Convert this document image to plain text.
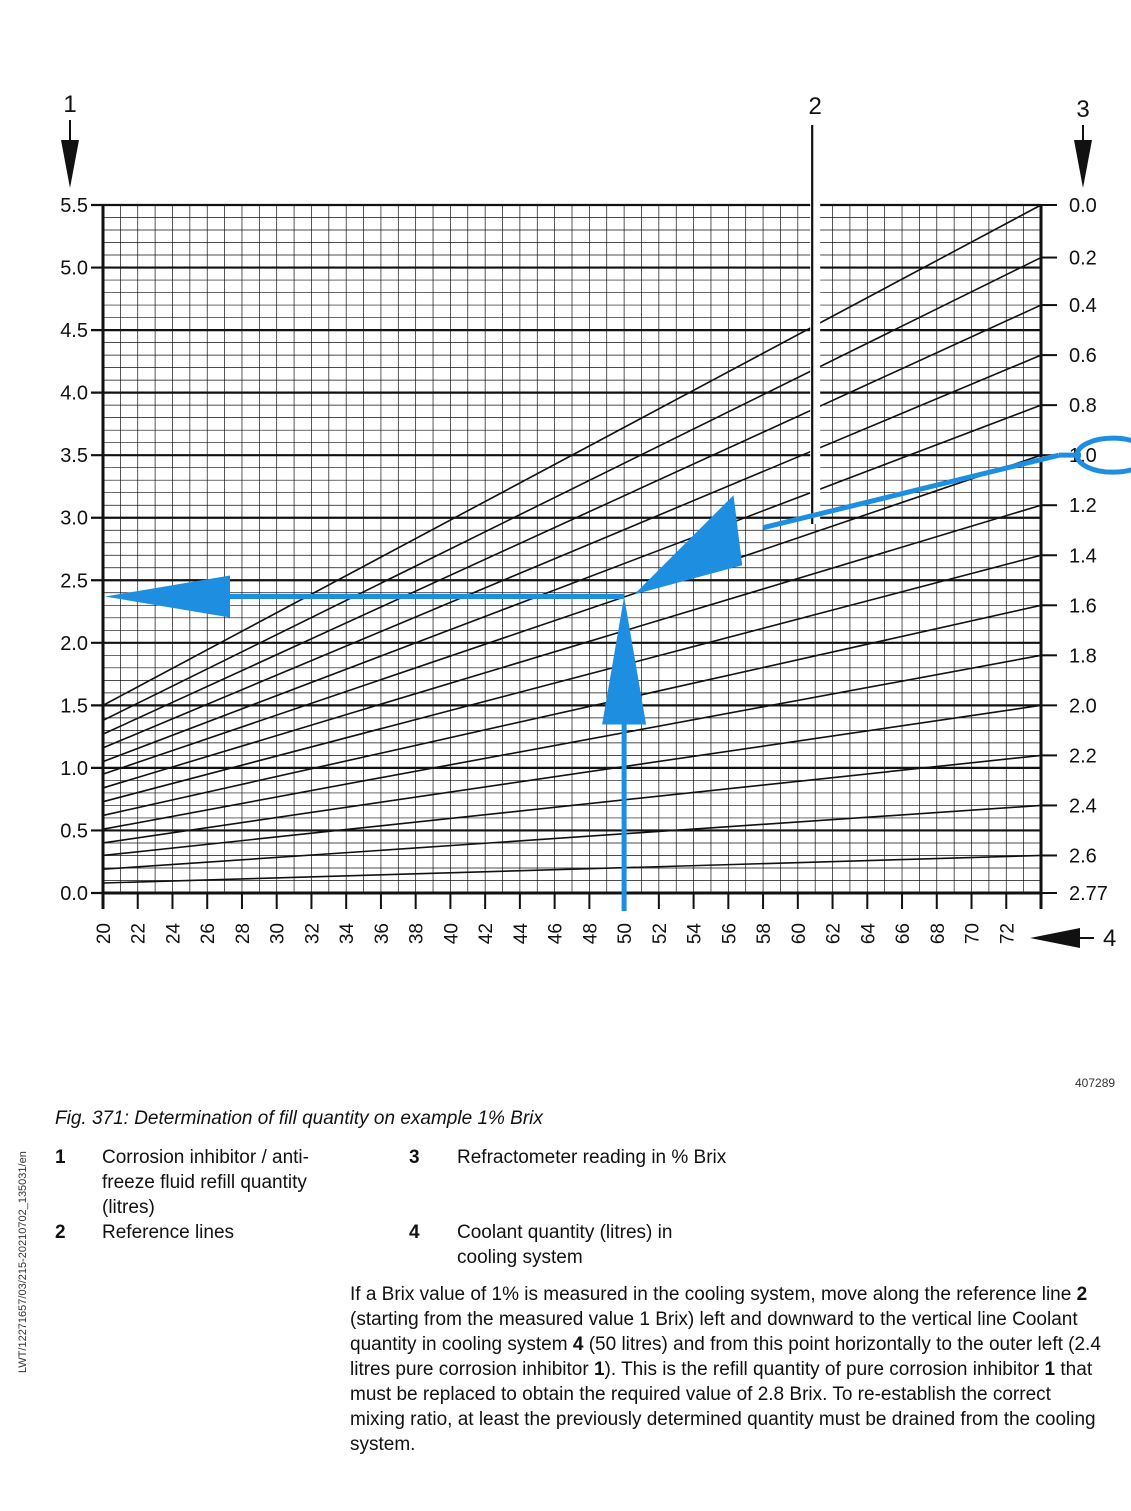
0.0
0.5
1.0
1.5
2.0
2.5
3.0
3.5
4.0
4.5
5.0
5.5
20 22 24 26 28 30 32 34 36 38 40 42 44 46 48 50 52 54 56 58 60 62 64 66 68 70 72
0.0
0.2
0.4
0.6
0.8
1.0
1.2
1.4
1.6
1.8
2.0
2.2
2.4
2.6
2.77
1	2	3
4
407289
LWT/12271657/03/215-20210702_135031/en
Fig. 371: Determination of fill quantity on example 1% Brix
1 Corrosion inhibitor / anti-freeze fluid refill quantity (litres)
2 Reference lines
3 Refractometer reading in % Brix
4 Coolant quantity (litres) in cooling system
If a Brix value of 1% is measured in the cooling system, move along the reference line 2 (starting from the measured value 1 Brix) left and downward to the vertical line Coolant quantity in cooling system 4 (50 litres) and from this point horizontally to the outer left (2.4 litres pure corrosion inhibitor 1). This is the refill quantity of pure corrosion inhibitor 1 that must be replaced to obtain the required value of 2.8 Brix. To re-establish the correct mixing ratio, at least the previously determined quantity must be drained from the cooling system.
